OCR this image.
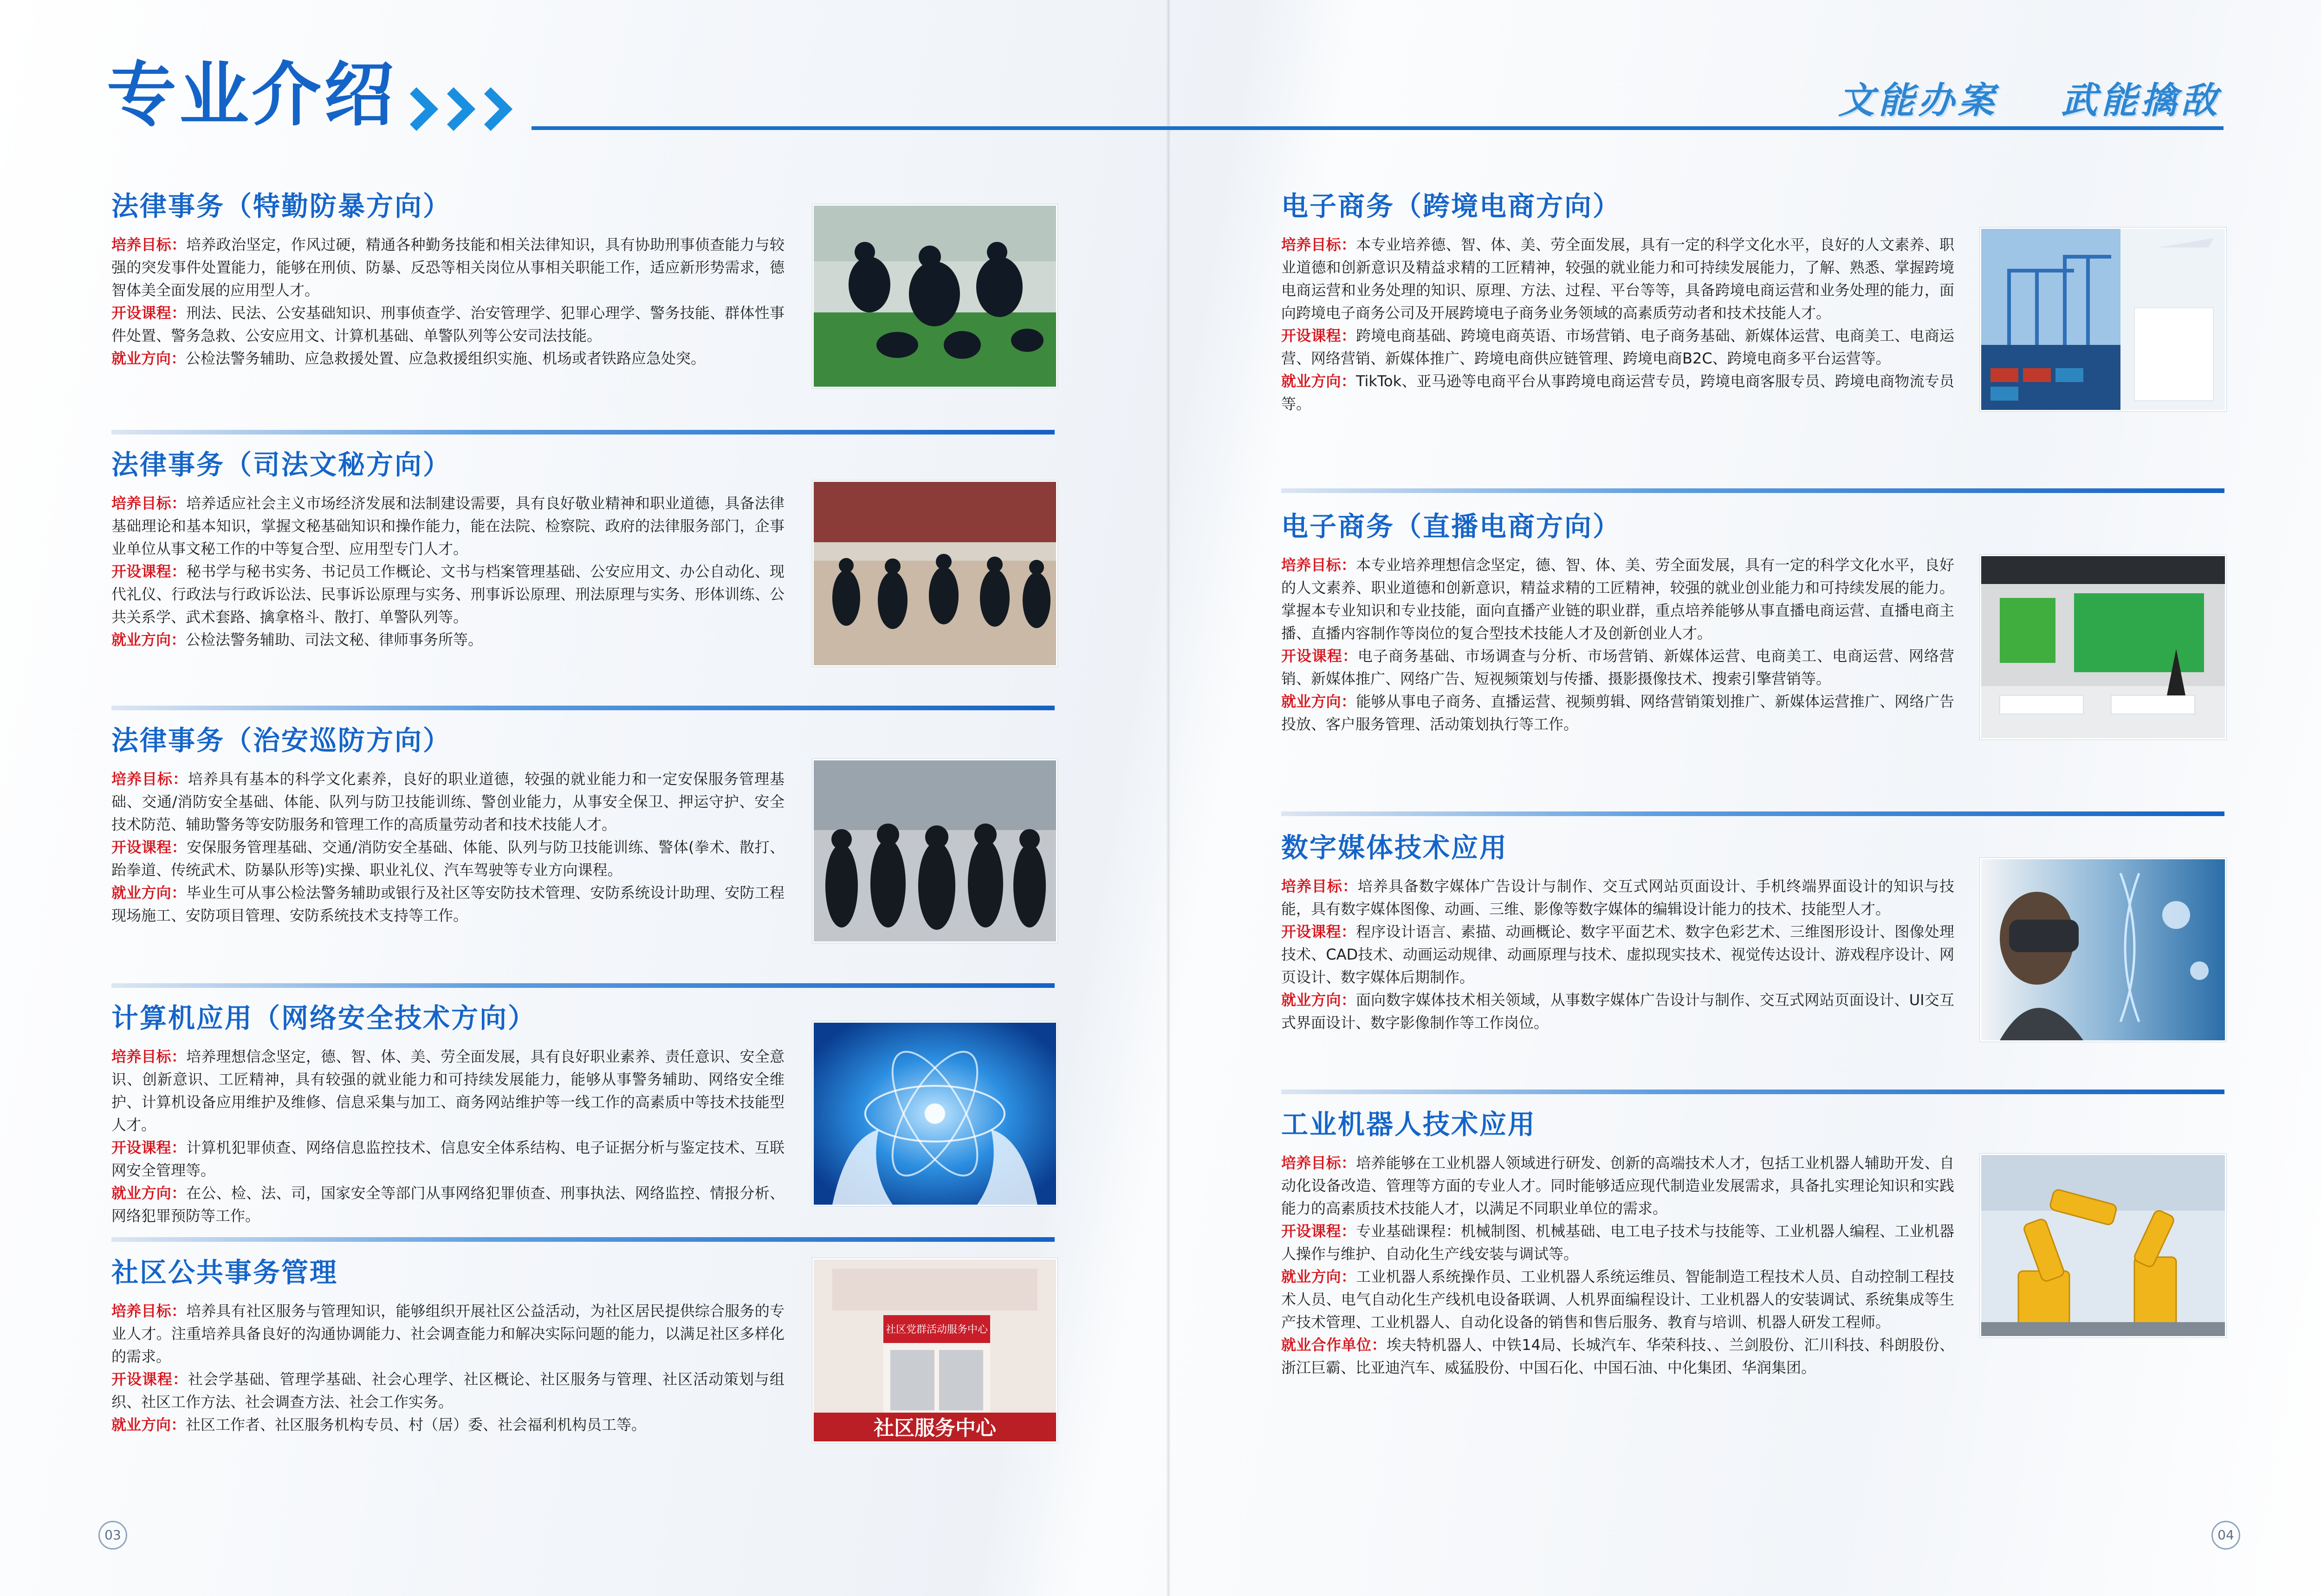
专业介绍	文能办案 武能擒敌
法律事务（特勤防暴方向）

培养目标：培养政治坚定，作风过硬，精通各种勤务技能和相关法律知识，具有协助刑事侦查能力与较强的突发事件处置能力，能够在刑侦、防暴、反恐等相关岗位从事相关职能工作，适应新形势需求，德智体美全面发展的应用型人才。

开设课程：刑法、民法、公安基础知识、刑事侦查学、治安管理学、犯罪心理学、警务技能、群体性事件处置、警务急救、公安应用文、计算机基础、单警队列等公安司法技能。

就业方向：公检法警务辅助、应急救援处置、应急救援组织实施、机场或者铁路应急处突。

法律事务（司法文秘方向）

培养目标：培养适应社会主义市场经济发展和法制建设需要，具有良好敬业精神和职业道德，具备法律基础理论和基本知识，掌握文秘基础知识和操作能力，能在法院、检察院、政府的法律服务部门，企事业单位从事文秘工作的中等复合型、应用型专门人才。

开设课程：秘书学与秘书实务、书记员工作概论、文书与档案管理基础、公安应用文、办公自动化、现代礼仪、行政法与行政诉讼法、民事诉讼原理与实务、刑事诉讼原理、刑法原理与实务、形体训练、公共关系学、武术套路、擒拿格斗、散打、单警队列等。

就业方向：公检法警务辅助、司法文秘、律师事务所等。

法律事务（治安巡防方向）

培养目标：培养具有基本的科学文化素养，良好的职业道德，较强的就业能力和一定安保服务管理基础、交通/消防安全基础、体能、队列与防卫技能训练、警创业能力，从事安全保卫、押运守护、安全技术防范、辅助警务等安防服务和管理工作的高质量劳动者和技术技能人才。

开设课程：安保服务管理基础、交通/消防安全基础、体能、队列与防卫技能训练、警体(拳术、散打、跆拳道、传统武术、防暴队形等)实操、职业礼仪、汽车驾驶等专业方向课程。

就业方向：毕业生可从事公检法警务辅助或银行及社区等安防技术管理、安防系统设计助理、安防工程现场施工、安防项目管理、安防系统技术支持等工作。

计算机应用（网络安全技术方向）

培养目标：培养理想信念坚定，德、智、体、美、劳全面发展，具有良好职业素养、责任意识、安全意识、创新意识、工匠精神，具有较强的就业能力和可持续发展能力，能够从事警务辅助、网络安全维护、计算机设备应用维护及维修、信息采集与加工、商务网站维护等一线工作的高素质中等技术技能型人才。

开设课程：计算机犯罪侦查、网络信息监控技术、信息安全体系结构、电子证据分析与鉴定技术、互联网安全管理等。

就业方向：在公、检、法、司，国家安全等部门从事网络犯罪侦查、刑事执法、网络监控、情报分析、网络犯罪预防等工作。

社区公共事务管理

培养目标：培养具有社区服务与管理知识，能够组织开展社区公益活动，为社区居民提供综合服务的专业人才。注重培养具备良好的沟通协调能力、社会调查能力和解决实际问题的能力，以满足社区多样化的需求。

开设课程：社会学基础、管理学基础、社会心理学、社区概论、社区服务与管理、社区活动策划与组织、社区工作方法、社会调查方法、社会工作实务。

就业方向：社区工作者、社区服务机构专员、村（居）委、社会福利机构员工等。

社区党群活动服务中心
社区服务中心
03
电子商务（跨境电商方向）

培养目标：本专业培养德、智、体、美、劳全面发展，具有一定的科学文化水平，良好的人文素养、职业道德和创新意识及精益求精的工匠精神，较强的就业能力和可持续发展能力，了解、熟悉、掌握跨境电商运营和业务处理的知识、原理、方法、过程、平台等等，具备跨境电商运营和业务处理的能力，面向跨境电子商务公司及开展跨境电子商务业务领域的高素质劳动者和技术技能人才。

开设课程：跨境电商基础、跨境电商英语、市场营销、电子商务基础、新媒体运营、电商美工、电商运营、网络营销、新媒体推广、跨境电商供应链管理、跨境电商B2C、跨境电商多平台运营等。

就业方向：TikTok、亚马逊等电商平台从事跨境电商运营专员，跨境电商客服专员、跨境电商物流专员等。

电子商务（直播电商方向）

培养目标：本专业培养理想信念坚定，德、智、体、美、劳全面发展，具有一定的科学文化水平，良好的人文素养、职业道德和创新意识，精益求精的工匠精神，较强的就业创业能力和可持续发展的能力。掌握本专业知识和专业技能，面向直播产业链的职业群，重点培养能够从事直播电商运营、直播电商主播、直播内容制作等岗位的复合型技术技能人才及创新创业人才。

开设课程：电子商务基础、市场调查与分析、市场营销、新媒体运营、电商美工、电商运营、网络营销、新媒体推广、网络广告、短视频策划与传播、摄影摄像技术、搜索引擎营销等。

就业方向：能够从事电子商务、直播运营、视频剪辑、网络营销策划推广、新媒体运营推广、网络广告投放、客户服务管理、活动策划执行等工作。

数字媒体技术应用

培养目标：培养具备数字媒体广告设计与制作、交互式网站页面设计、手机终端界面设计的知识与技能，具有数字媒体图像、动画、三维、影像等数字媒体的编辑设计能力的技术、技能型人才。

开设课程：程序设计语言、素描、动画概论、数字平面艺术、数字色彩艺术、三维图形设计、图像处理技术、CAD技术、动画运动规律、动画原理与技术、虚拟现实技术、视觉传达设计、游戏程序设计、网页设计、数字媒体后期制作。

就业方向：面向数字媒体技术相关领域，从事数字媒体广告设计与制作、交互式网站页面设计、UI交互式界面设计、数字影像制作等工作岗位。

工业机器人技术应用

培养目标：培养能够在工业机器人领域进行研发、创新的高端技术人才，包括工业机器人辅助开发、自动化设备改造、管理等方面的专业人才。同时能够适应现代制造业发展需求，具备扎实理论知识和实践能力的高素质技术技能人才，以满足不同职业单位的需求。

开设课程：专业基础课程：机械制图、机械基础、电工电子技术与技能等、工业机器人编程、工业机器人操作与维护、自动化生产线安装与调试等。

就业方向：工业机器人系统操作员、工业机器人系统运维员、智能制造工程技术人员、自动控制工程技术人员、电气自动化生产线机电设备联调、人机界面编程设计、工业机器人的安装调试、系统集成等生产技术管理、工业机器人、自动化设备的销售和售后服务、教育与培训、机器人研发工程师。

就业合作单位：埃夫特机器人、中铁14局、长城汽车、华荣科技、、兰剑股份、汇川科技、科朗股份、浙江巨霸、比亚迪汽车、威猛股份、中国石化、中国石油、中化集团、华润集团。

04
